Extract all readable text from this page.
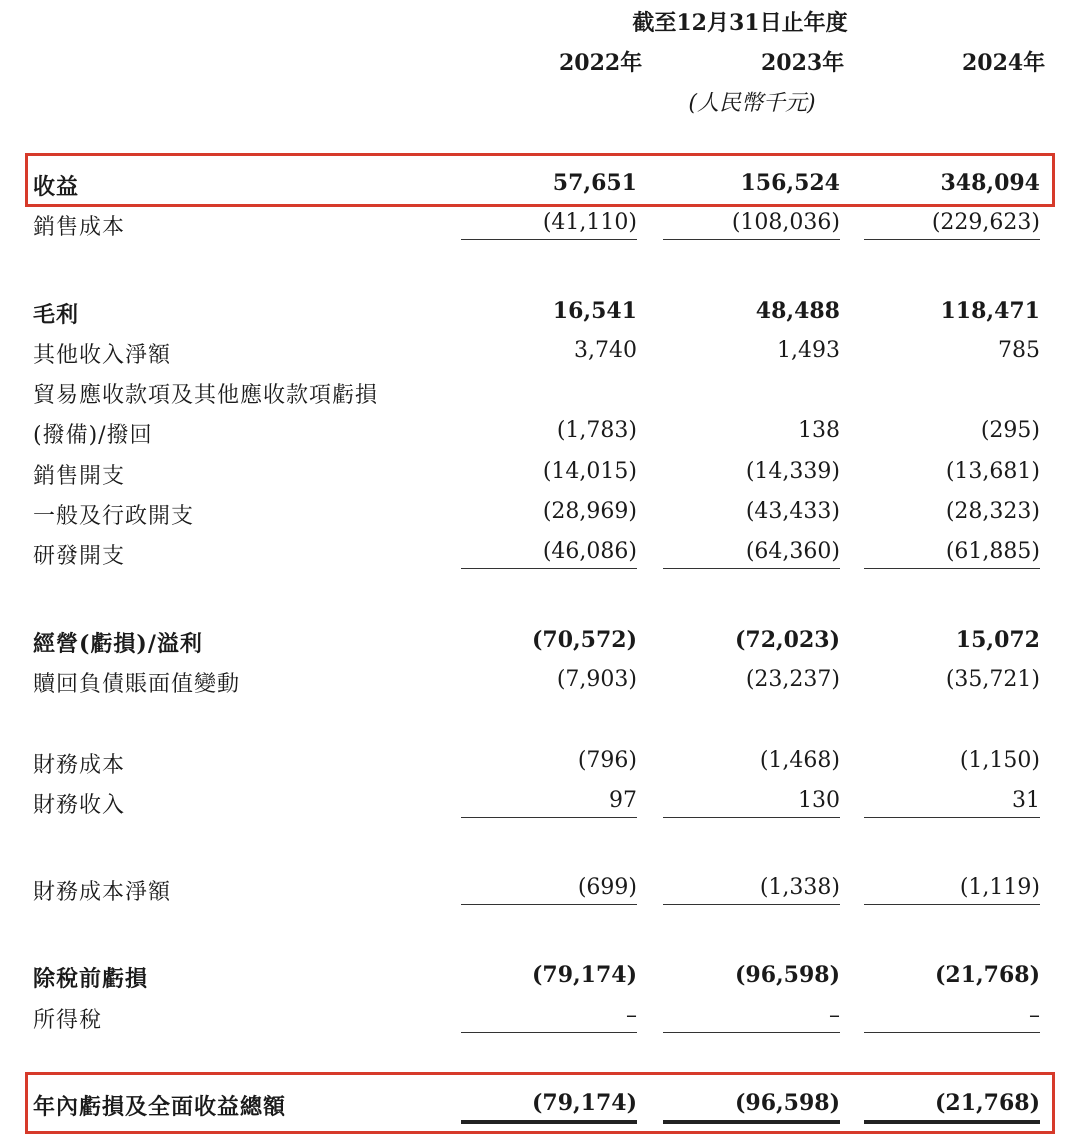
截至12月31日止年度
2022年	2023年	2024年
(人民幣千元)
收益	57,651	156,524	348,094
銷售成本	(41,110)	(108,036)	(229,623)
毛利	16,541	48,488	118,471
其他收入淨額	3,740	1,493	785
貿易應收款項及其他應收款項虧損
(撥備)/撥回	(1,783)	138	(295)
銷售開支	(14,015)	(14,339)	(13,681)
一般及行政開支	(28,969)	(43,433)	(28,323)
研發開支	(46,086)	(64,360)	(61,885)
經營(虧損)/溢利	(70,572)	(72,023)	15,072
贖回負債賬面值變動	(7,903)	(23,237)	(35,721)
財務成本	(796)	(1,468)	(1,150)
財務收入	97	130	31
財務成本淨額	(699)	(1,338)	(1,119)
除稅前虧損	(79,174)	(96,598)	(21,768)
所得稅	–	–	–
年內虧損及全面收益總額	(79,174)	(96,598)	(21,768)
